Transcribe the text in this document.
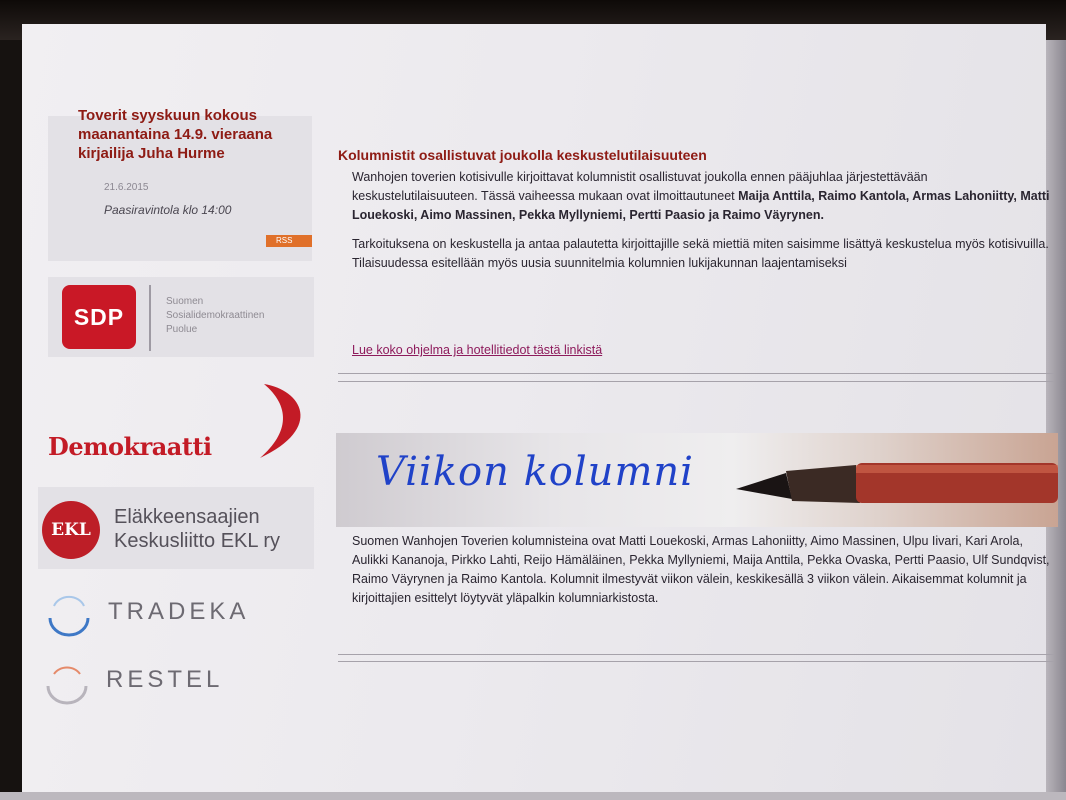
Toverit syyskuun kokous maanantaina 14.9. vieraana kirjailija Juha Hurme
21.6.2015
Paasiravintola klo 14:00
RSS
SDP
Suomen
Sosialidemokraattinen
Puolue
Demokraatti
EKL
Eläkkeensaajien
Keskusliitto EKL ry
TRADEKA
RESTEL
Kolumnistit osallistuvat joukolla keskustelutilaisuuteen

Wanhojen toverien kotisivulle kirjoittavat kolumnistit osallistuvat joukolla ennen pääjuhlaa järjestettävään keskustelutilaisuuteen. Tässä vaiheessa mukaan ovat ilmoittautuneet Maija Anttila, Raimo Kantola, Armas Lahoniitty, Matti Louekoski, Aimo Massinen, Pekka Myllyniemi, Pertti Paasio ja Raimo Väyrynen.

Tarkoituksena on keskustella ja antaa palautetta kirjoittajille sekä miettiä miten saisimme lisättyä keskustelua myös kotisivuilla. Tilaisuudessa esitellään myös uusia suunnitelmia kolumnien lukijakunnan laajentamiseksi

Lue koko ohjelma ja hotellitiedot tästä linkistä
Viikon kolumni
Suomen Wanhojen Toverien kolumnisteina ovat Matti Louekoski, Armas Lahoniitty, Aimo Massinen, Ulpu Iivari, Kari Arola, Aulikki Kananoja, Pirkko Lahti, Reijo Hämäläinen, Pekka Myllyniemi, Maija Anttila, Pekka Ovaska, Pertti Paasio, Ulf Sundqvist, Raimo Väyrynen ja Raimo Kantola. Kolumnit ilmestyvät viikon välein, keskikesällä 3 viikon välein. Aikaisemmat kolumnit ja kirjoittajien esittelyt löytyvät yläpalkin kolumniarkistosta.
